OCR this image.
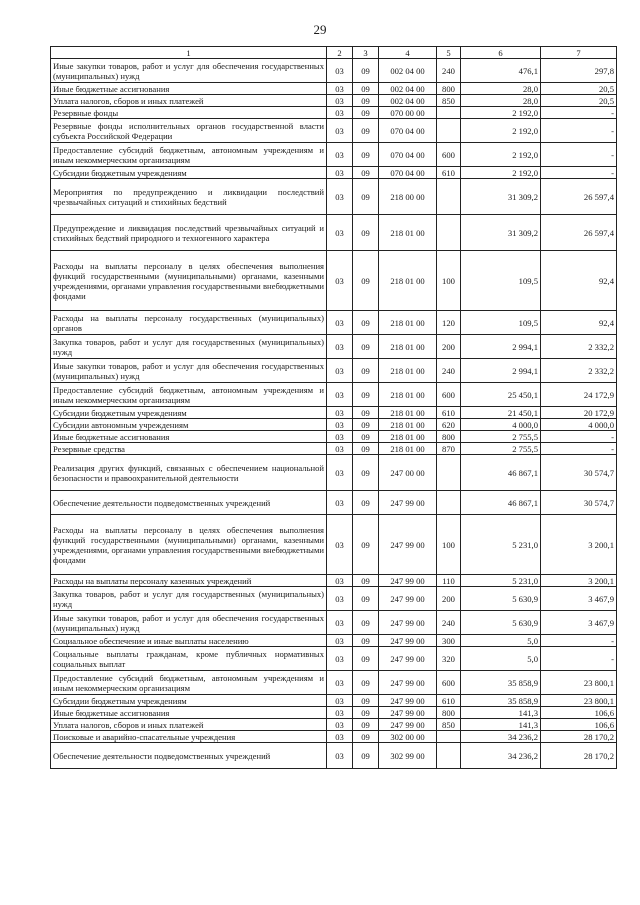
29
1	2	3	4	5	6	7
Иные закупки товаров, работ и услуг для обеспечения государственных (муниципальных) нужд	03	09	002 04 00	240	476,1	297,8
Иные бюджетные ассигнования	03	09	002 04 00	800	28,0	20,5
Уплата налогов, сборов и иных платежей	03	09	002 04 00	850	28,0	20,5
Резервные фонды	03	09	070 00 00		2 192,0	-
Резервные фонды исполнительных органов государственной власти субъекта Российской Федерации	03	09	070 04 00		2 192,0	-
Предоставление субсидий бюджетным, автономным учреждениям и иным некоммерческим организациям	03	09	070 04 00	600	2 192,0	-
Субсидии бюджетным учреждениям	03	09	070 04 00	610	2 192,0	-
Мероприятия по предупреждению и ликвидации последствий чрезвычайных ситуаций и стихийных бедствий	03	09	218 00 00		31 309,2	26 597,4
Предупреждение и ликвидация последствий чрезвычайных ситуаций и стихийных бедствий природного и техногенного характера	03	09	218 01 00		31 309,2	26 597,4
Расходы на выплаты персоналу в целях обеспечения выполнения функций государственными (муниципальными) органами, казенными учреждениями, органами управления государственными внебюджетными фондами	03	09	218 01 00	100	109,5	92,4
Расходы на выплаты персоналу государственных (муниципальных) органов	03	09	218 01 00	120	109,5	92,4
Закупка товаров, работ и услуг для государственных (муниципальных) нужд	03	09	218 01 00	200	2 994,1	2 332,2
Иные закупки товаров, работ и услуг для обеспечения государственных (муниципальных) нужд	03	09	218 01 00	240	2 994,1	2 332,2
Предоставление субсидий бюджетным, автономным учреждениям и иным некоммерческим организациям	03	09	218 01 00	600	25 450,1	24 172,9
Субсидии бюджетным учреждениям	03	09	218 01 00	610	21 450,1	20 172,9
Субсидии автономным учреждениям	03	09	218 01 00	620	4 000,0	4 000,0
Иные бюджетные ассигнования	03	09	218 01 00	800	2 755,5	-
Резервные средства	03	09	218 01 00	870	2 755,5	-
Реализация других функций, связанных с обеспечением национальной безопасности и правоохранительной деятельности	03	09	247 00 00		46 867,1	30 574,7
Обеспечение деятельности подведомственных учреждений	03	09	247 99 00		46 867,1	30 574,7
Расходы на выплаты персоналу в целях обеспечения выполнения функций государственными (муниципальными) органами, казенными учреждениями, органами управления государственными внебюджетными фондами	03	09	247 99 00	100	5 231,0	3 200,1
Расходы на выплаты персоналу казенных учреждений	03	09	247 99 00	110	5 231,0	3 200,1
Закупка товаров, работ и услуг для государственных (муниципальных) нужд	03	09	247 99 00	200	5 630,9	3 467,9
Иные закупки товаров, работ и услуг для обеспечения государственных (муниципальных) нужд	03	09	247 99 00	240	5 630,9	3 467,9
Социальное обеспечение и иные выплаты населению	03	09	247 99 00	300	5,0	-
Социальные выплаты гражданам, кроме публичных нормативных социальных выплат	03	09	247 99 00	320	5,0	-
Предоставление субсидий бюджетным, автономным учреждениям и иным некоммерческим организациям	03	09	247 99 00	600	35 858,9	23 800,1
Субсидии бюджетным учреждениям	03	09	247 99 00	610	35 858,9	23 800,1
Иные бюджетные ассигнования	03	09	247 99 00	800	141,3	106,6
Уплата налогов, сборов и иных платежей	03	09	247 99 00	850	141,3	106,6
Поисковые и аварийно-спасательные учреждения	03	09	302 00 00		34 236,2	28 170,2
Обеспечение деятельности подведомственных учреждений	03	09	302 99 00		34 236,2	28 170,2
